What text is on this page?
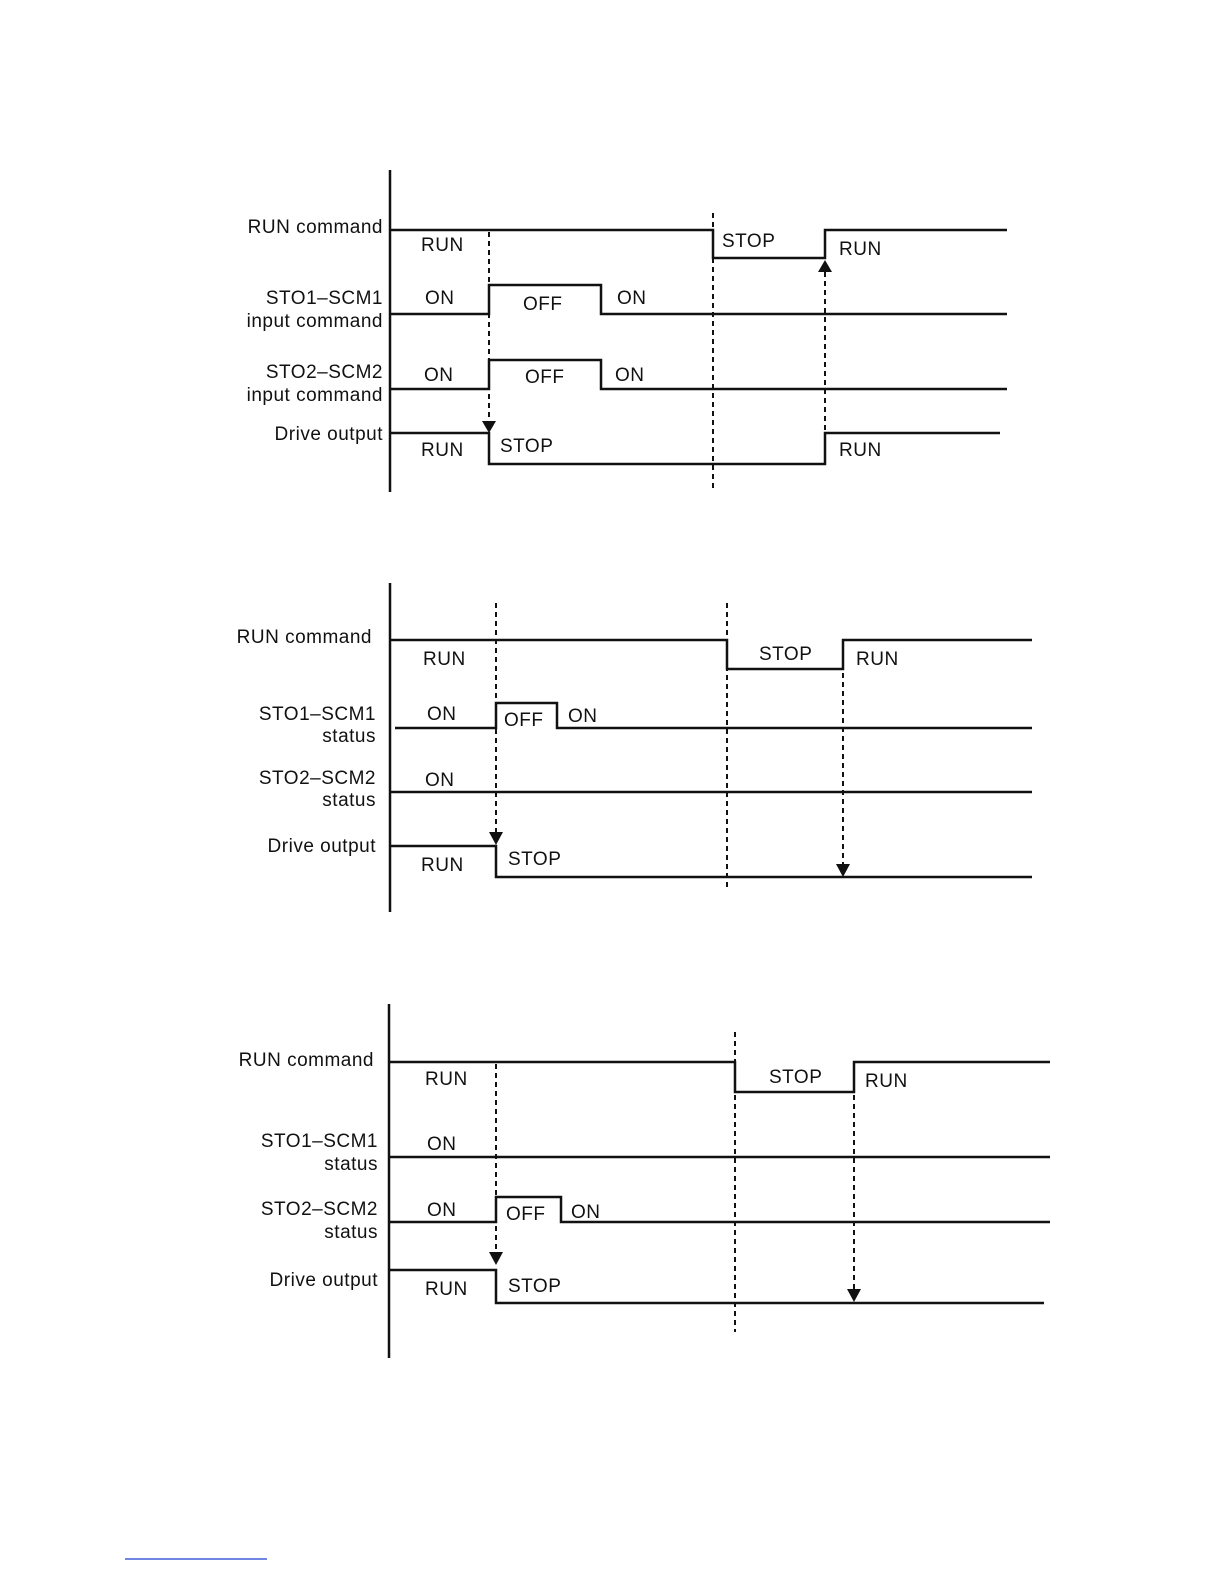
RUN command
STO1–SCM1
input command
STO2–SCM2
input command
Drive output
RUN	STOP	RUN
ON	OFF	ON
ON	OFF	ON
RUN STOP	RUN
RUN command
STO1–SCM1
status
STO2–SCM2
status
Drive output
RUN	STOP RUN
ON	OFF ON
ON
RUN STOP
RUN command
STO1–SCM1
status
STO2–SCM2
status
Drive output
RUN	STOP RUN
ON
ON	OFF ON
RUN STOP
